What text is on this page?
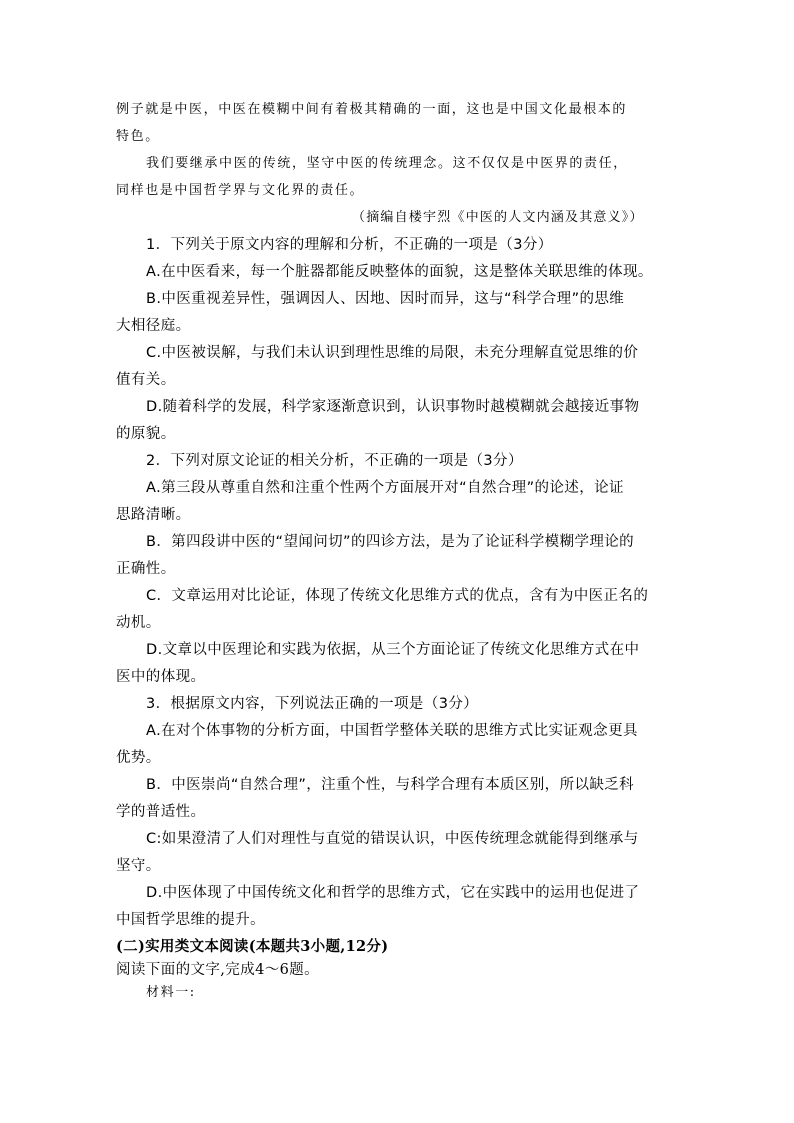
例子就是中医，中医在模糊中间有着极其精确的一面，这也是中国文化最根本的

特色。

我们要继承中医的传统，坚守中医的传统理念。这不仅仅是中医界的责任，

同样也是中国哲学界与文化界的责任。

（摘编自楼宇烈《中医的人文内涵及其意义》）

1．下列关于原文内容的理解和分析，不正确的一项是（3分）

A.在中医看来，每一个脏器都能反映整体的面貌，这是整体关联思维的体现。

B.中医重视差异性，强调因人、因地、因时而异，这与“科学合理”的思维

大相径庭。

C.中医被误解，与我们未认识到理性思维的局限，未充分理解直觉思维的价

值有关。

D.随着科学的发展，科学家逐渐意识到，认识事物时越模糊就会越接近事物

的原貌。

2．下列对原文论证的相关分析，不正确的一项是（3分）

A.第三段从尊重自然和注重个性两个方面展开对“自然合理”的论述，论证

思路清晰。

B．第四段讲中医的“望闻问切”的四诊方法，是为了论证科学模糊学理论的

正确性。

C．文章运用对比论证，体现了传统文化思维方式的优点，含有为中医正名的

动机。

D.文章以中医理论和实践为依据，从三个方面论证了传统文化思维方式在中

医中的体现。

3．根据原文内容，下列说法正确的一项是（3分）

A.在对个体事物的分析方面，中国哲学整体关联的思维方式比实证观念更具

优势。

B．中医崇尚“自然合理”，注重个性，与科学合理有本质区别，所以缺乏科

学的普适性。

C:如果澄清了人们对理性与直觉的错误认识，中医传统理念就能得到继承与

坚守。

D.中医体现了中国传统文化和哲学的思维方式，它在实践中的运用也促进了

中国哲学思维的提升。

(二)实用类文本阅读(本题共3小题,12分)

阅读下面的文字,完成4～6题。

材料一:
